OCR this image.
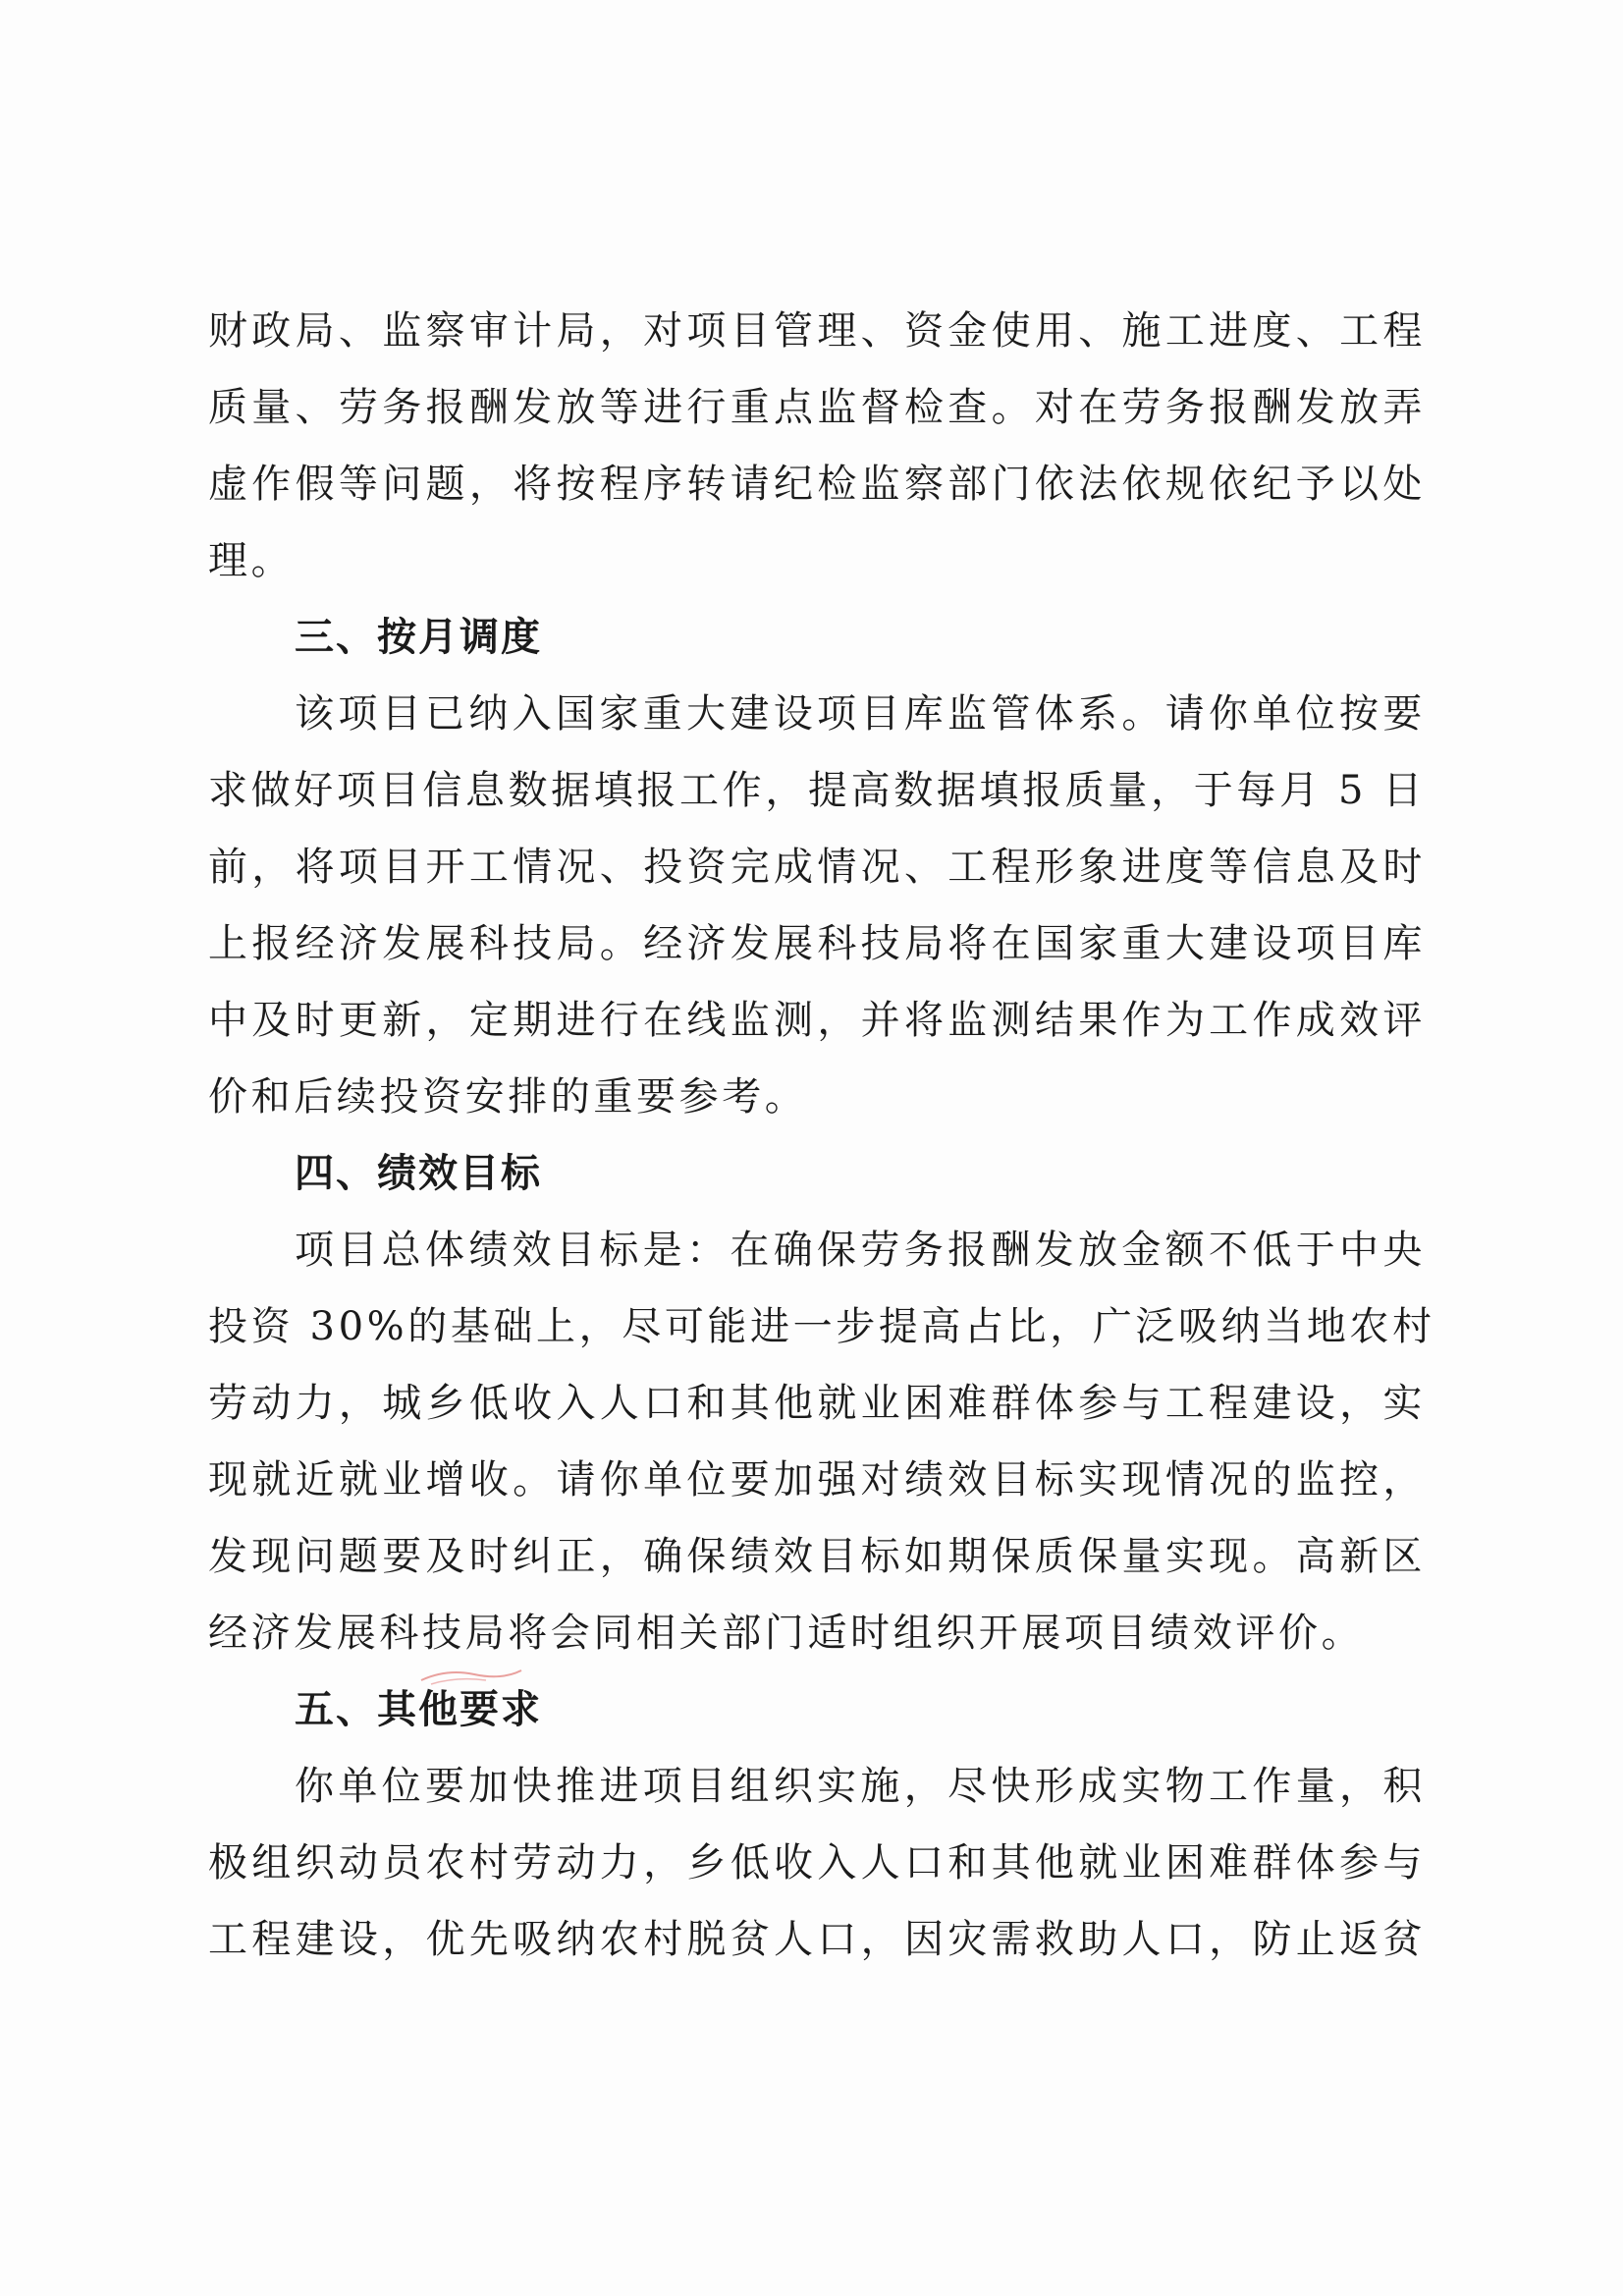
财政局、监察审计局，对项目管理、资金使用、施工进度、工程
质量、劳务报酬发放等进行重点监督检查。对在劳务报酬发放弄
虚作假等问题，将按程序转请纪检监察部门依法依规依纪予以处
理。
三、按月调度
该项目已纳入国家重大建设项目库监管体系。请你单位按要
求做好项目信息数据填报工作，提高数据填报质量，于每月 5 日
前，将项目开工情况、投资完成情况、工程形象进度等信息及时
上报经济发展科技局。经济发展科技局将在国家重大建设项目库
中及时更新，定期进行在线监测，并将监测结果作为工作成效评
价和后续投资安排的重要参考。
四、绩效目标
项目总体绩效目标是：在确保劳务报酬发放金额不低于中央
投资 30%的基础上，尽可能进一步提高占比，广泛吸纳当地农村
劳动力，城乡低收入人口和其他就业困难群体参与工程建设，实
现就近就业增收。请你单位要加强对绩效目标实现情况的监控，
发现问题要及时纠正，确保绩效目标如期保质保量实现。高新区
经济发展科技局将会同相关部门适时组织开展项目绩效评价。
五、其他要求
你单位要加快推进项目组织实施，尽快形成实物工作量，积
极组织动员农村劳动力，乡低收入人口和其他就业困难群体参与
工程建设，优先吸纳农村脱贫人口，因灾需救助人口，防止返贫
